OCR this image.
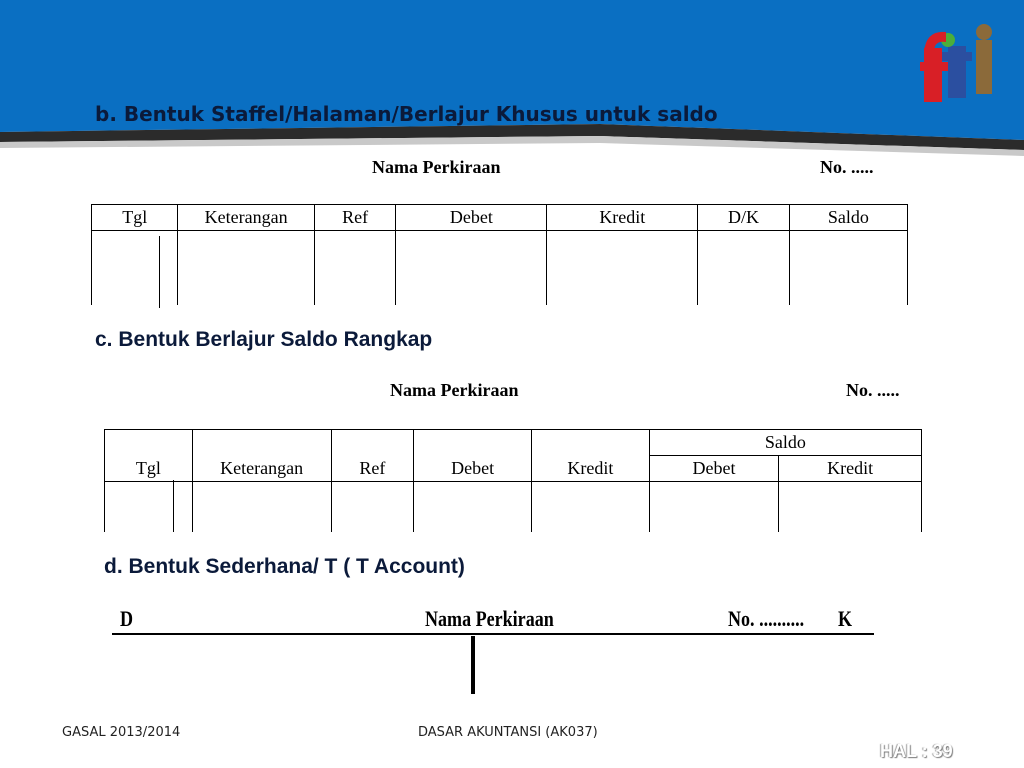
b. Bentuk Staffel/Halaman/Berlajur Khusus untuk saldo
Nama Perkiraan	No. .....
Tgl	Keterangan	Ref	Debet	Kredit	D/K	Saldo

c. Bentuk Berlajur Saldo Rangkap
Nama Perkiraan	No. .....
Tgl	Keterangan	Ref	Debet	Kredit	Saldo	
					Debet	Kredit

d. Bentuk Sederhana/ T ( T Account)
D	Nama Perkiraan	No. .......... K
GASAL 2013/2014	DASAR AKUNTANSI (AK037)
HAL : 39
